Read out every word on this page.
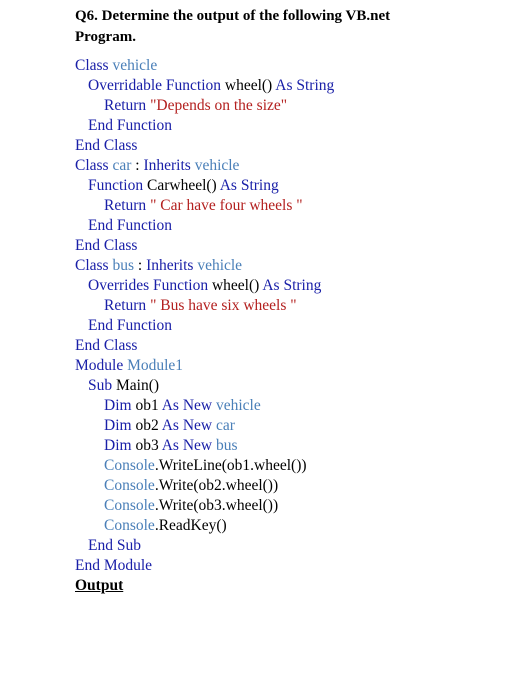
Q6. Determine the output of the following VB.net
Program.
Class vehicle
Overridable Function wheel() As String
Return "Depends on the size"
End Function
End Class
Class car : Inherits vehicle
Function Carwheel() As String
Return " Car have four wheels "
End Function
End Class
Class bus : Inherits vehicle
Overrides Function wheel() As String
Return " Bus have six wheels "
End Function
End Class
Module Module1
Sub Main()
Dim ob1 As New vehicle
Dim ob2 As New car
Dim ob3 As New bus
Console.WriteLine(ob1.wheel())
Console.Write(ob2.wheel())
Console.Write(ob3.wheel())
Console.ReadKey()
End Sub
End Module
Output
